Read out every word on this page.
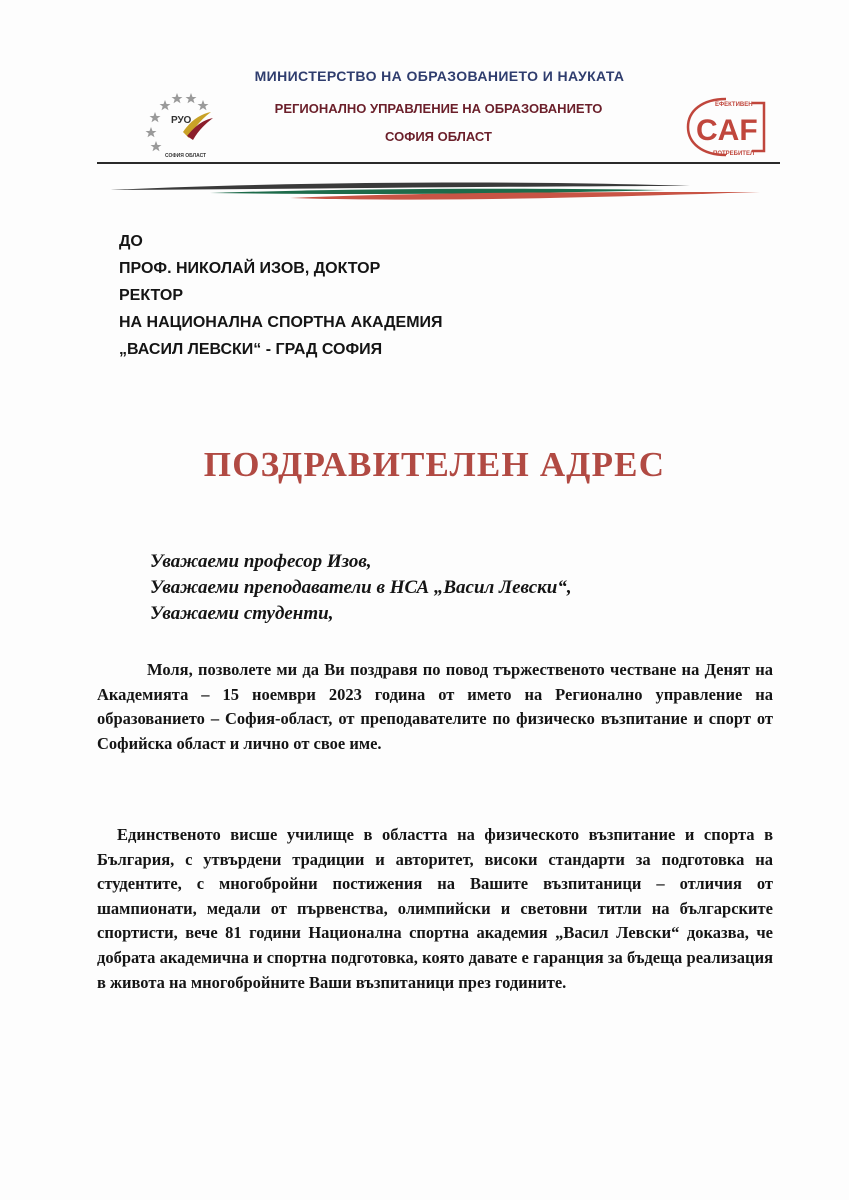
РУО
СОФИЯ ОБЛАСТ
МИНИСТЕРСТВО НА ОБРАЗОВАНИЕТО И НАУКАТА
РЕГИОНАЛНО УПРАВЛЕНИЕ НА ОБРАЗОВАНИЕТО
СОФИЯ ОБЛАСТ
ЕФЕКТИВЕН
CAF
ПОТРЕБИТЕЛ
ДО
ПРОФ. НИКОЛАЙ ИЗОВ, ДОКТОР
РЕКТОР
НА НАЦИОНАЛНА СПОРТНА АКАДЕМИЯ
„ВАСИЛ ЛЕВСКИ“ - ГРАД СОФИЯ
ПОЗДРАВИТЕЛЕН АДРЕС
Уважаеми професор Изов,
Уважаеми преподаватели в НСА „Васил Левски“,
Уважаеми студенти,
Моля, позволете ми да Ви поздравя по повод тържественото честване на Денят на Академията – 15 ноември 2023 година от името на Регионално управление на образованието – София-област, от преподавателите по физическо възпитание и спорт от Софийска област и лично от свое име.
Единственото висше училище в областта на физическото възпитание и спорта в България, с утвърдени традиции и авторитет, високи стандарти за подготовка на студентите, с многобройни постижения на Вашите възпитаници – отличия от шампионати, медали от първенства, олимпийски и световни титли на българските спортисти, вече 81 години Национална спортна академия „Васил Левски“ доказва, че добрата академична и спортна подготовка, която давате е гаранция за бъдеща реализация в живота на многобройните Ваши възпитаници през годините.
